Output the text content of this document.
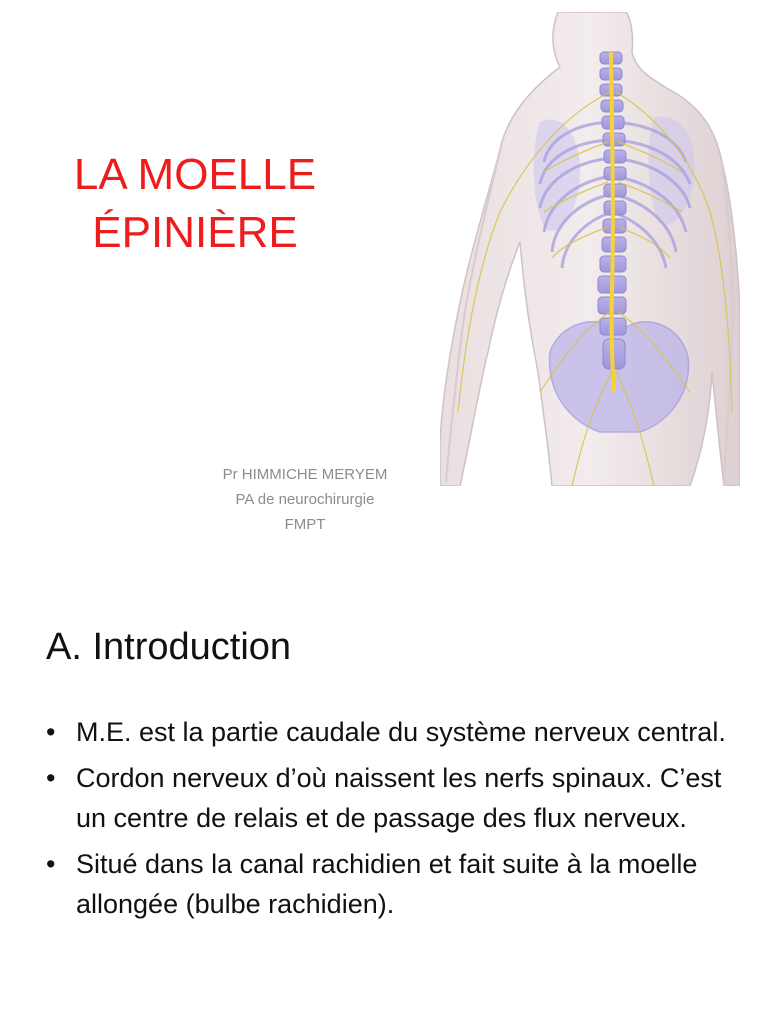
LA MOELLE
ÉPINIÈRE
Pr HIMMICHE MERYEM
PA de neurochirurgie
FMPT
A. Introduction
• M.E. est la partie caudale du système nerveux central.
• Cordon nerveux d’où naissent les nerfs spinaux. C’est un centre de relais et de passage des flux nerveux.
• Situé dans la canal rachidien et fait suite à la moelle allongée (bulbe rachidien).
